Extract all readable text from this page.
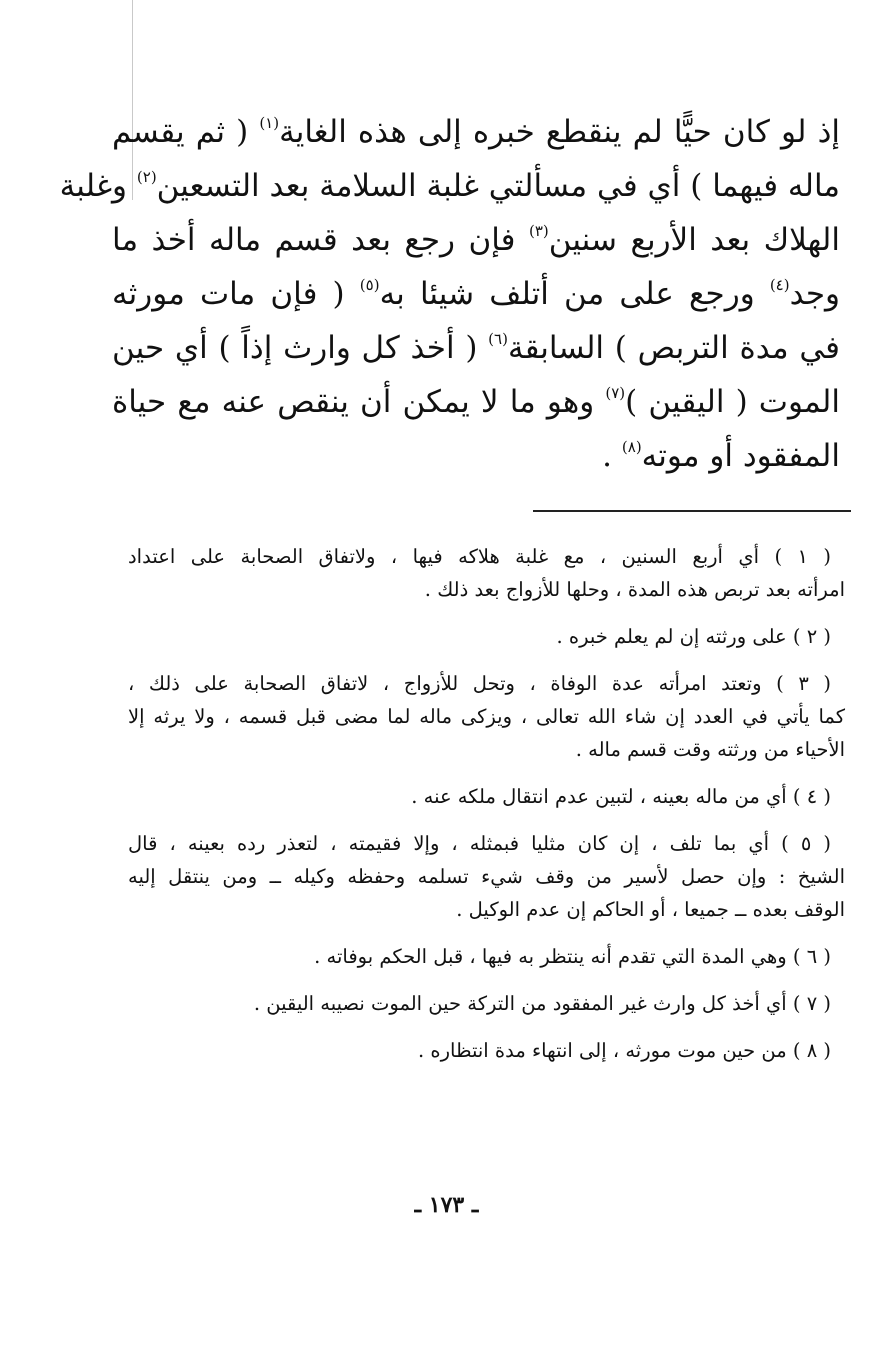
إذ لو كان حيًّا لم ينقطع خبره إلى هذه الغاية$^{(١)}$ ( ثم يقسم
ماله فيهما ) أي في مسألتي غلبة السلامة بعد التسعين$^{(٢)}$ وغلبة
الهلاك بعد الأربع سنين$^{(٣)}$ فإن رجع بعد قسم ماله أخذ ما
وجد$^{(٤)}$ ورجع على من أتلف شيئا به$^{(٥)}$ ( فإن مات مورثه
في مدة التربص ) السابقة$^{(٦)}$ ( أخذ كل وارث إذاً ) أي حين
الموت ( اليقين )$^{(٧)}$ وهو ما لا يمكن أن ينقص عنه مع حياة
المفقود أو موته$^{(٨)}$ .
( ١ ) أي أربع السنين ، مع غلبة هلاكه فيها ، ولاتفاق الصحابة على اعتداد
امرأته بعد تربص هذه المدة ، وحلها للأزواج بعد ذلك .
( ٢ ) على ورثته إن لم يعلم خبره .
( ٣ ) وتعتد امرأته عدة الوفاة ، وتحل للأزواج ، لاتفاق الصحابة على ذلك ،
كما يأتي في العدد إن شاء الله تعالى ، ويزكى ماله لما مضى قبل قسمه ، ولا يرثه إلا
الأحياء من ورثته وقت قسم ماله .
( ٤ ) أي من ماله بعينه ، لتبين عدم انتقال ملكه عنه .
( ٥ ) أي بما تلف ، إن كان مثليا فبمثله ، وإلا فقيمته ، لتعذر رده بعينه ، قال
الشيخ : وإن حصل لأسير من وقف شيء تسلمه وحفظه وكيله ــ ومن ينتقل إليه
الوقف بعده ــ جميعا ، أو الحاكم إن عدم الوكيل .
( ٦ ) وهي المدة التي تقدم أنه ينتظر به فيها ، قبل الحكم بوفاته .
( ٧ ) أي أخذ كل وارث غير المفقود من التركة حين الموت نصيبه اليقين .
( ٨ ) من حين موت مورثه ، إلى انتهاء مدة انتظاره .
ـ ١٧٣ ـ
